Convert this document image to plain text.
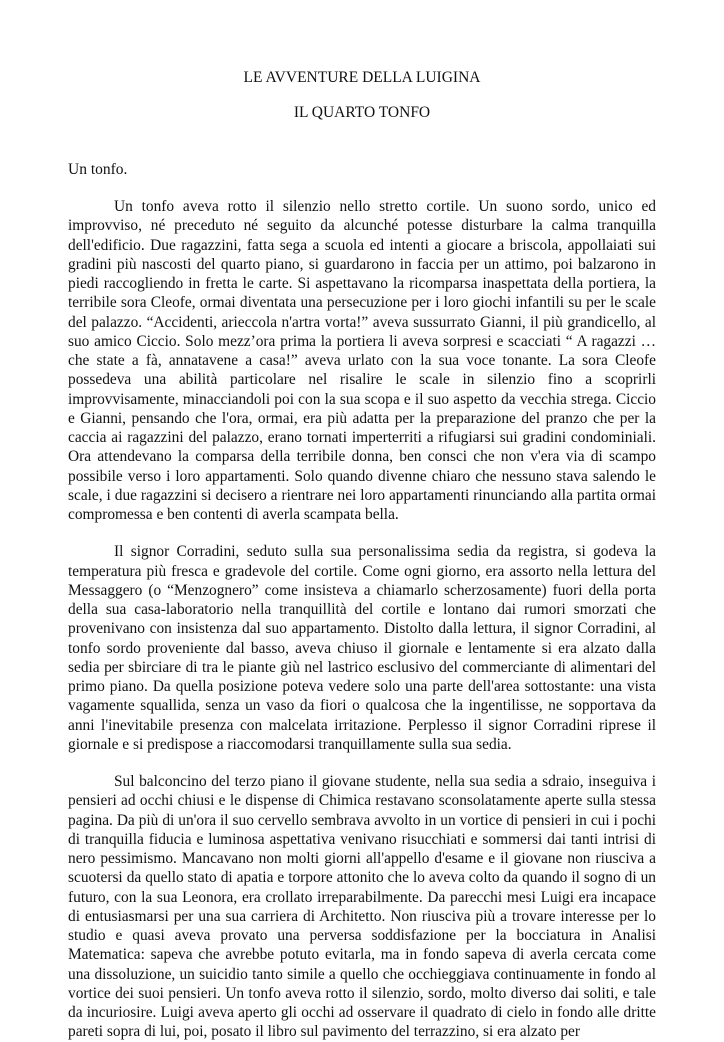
LE AVVENTURE DELLA LUIGINA

IL QUARTO TONFO

Un tonfo.

Un tonfo aveva rotto il silenzio nello stretto cortile. Un suono sordo, unico ed improvviso, né preceduto né seguito da alcunché potesse disturbare la calma tranquilla dell'edificio. Due ragazzini, fatta sega a scuola ed intenti a giocare a briscola, appollaiati sui gradini più nascosti del quarto piano, si guardarono in faccia per un attimo, poi balzarono in piedi raccogliendo in fretta le carte. Si aspettavano la ricomparsa inaspettata della portiera, la terribile sora Cleofe, ormai diventata una persecuzione per i loro giochi infantili su per le scale del palazzo. “Accidenti, arieccola n'artra vorta!” aveva sussurrato Gianni, il più grandicello, al suo amico Ciccio. Solo mezz’ora prima la portiera li aveva sorpresi e scacciati “ A ragazzi … che state a fà, annatavene a casa!” aveva urlato con la sua voce tonante. La sora Cleofe possedeva una abilità particolare nel risalire le scale in silenzio fino a scoprirli improvvisamente, minacciandoli poi con la sua scopa e il suo aspetto da vecchia strega. Ciccio e Gianni, pensando che l'ora, ormai, era più adatta per la preparazione del pranzo che per la caccia ai ragazzini del palazzo, erano tornati imperterriti a rifugiarsi sui gradini condominiali. Ora attendevano la comparsa della terribile donna, ben consci che non v'era via di scampo possibile verso i loro appartamenti. Solo quando divenne chiaro che nessuno stava salendo le scale, i due ragazzini si decisero a rientrare nei loro appartamenti rinunciando alla partita ormai compromessa e ben contenti di averla scampata bella.

Il signor Corradini, seduto sulla sua personalissima sedia da registra, si godeva la temperatura più fresca e gradevole del cortile. Come ogni giorno, era assorto nella lettura del Messaggero (o “Menzognero” come insisteva a chiamarlo scherzosamente) fuori della porta della sua casa-laboratorio nella tranquillità del cortile e lontano dai rumori smorzati che provenivano con insistenza dal suo appartamento. Distolto dalla lettura, il signor Corradini, al tonfo sordo proveniente dal basso, aveva chiuso il giornale e lentamente si era alzato dalla sedia per sbirciare di tra le piante giù nel lastrico esclusivo del commerciante di alimentari del primo piano. Da quella posizione poteva vedere solo una parte dell'area sottostante: una vista vagamente squallida, senza un vaso da fiori o qualcosa che la ingentilisse, ne sopportava da anni l'inevitabile presenza con malcelata irritazione. Perplesso il signor Corradini riprese il giornale e si predispose a riaccomodarsi tranquillamente sulla sua sedia.

Sul balconcino del terzo piano il giovane studente, nella sua sedia a sdraio, inseguiva i pensieri ad occhi chiusi e le dispense di Chimica restavano sconsolatamente aperte sulla stessa pagina. Da più di un'ora il suo cervello sembrava avvolto in un vortice di pensieri in cui i pochi di tranquilla fiducia e luminosa aspettativa venivano risucchiati e sommersi dai tanti intrisi di nero pessimismo. Mancavano non molti giorni all'appello d'esame e il giovane non riusciva a scuotersi da quello stato di apatia e torpore attonito che lo aveva colto da quando il sogno di un futuro, con la sua Leonora, era crollato irreparabilmente. Da parecchi mesi Luigi era incapace di entusiasmarsi per una sua carriera di Architetto. Non riusciva più a trovare interesse per lo studio e quasi aveva provato una perversa soddisfazione per la bocciatura in Analisi Matematica: sapeva che avrebbe potuto evitarla, ma in fondo sapeva di averla cercata come una dissoluzione, un suicidio tanto simile a quello che occhieggiava continuamente in fondo al vortice dei suoi pensieri. Un tonfo aveva rotto il silenzio, sordo, molto diverso dai soliti, e tale da incuriosire. Luigi aveva aperto gli occhi ad osservare il quadrato di cielo in fondo alle dritte pareti sopra di lui, poi, posato il libro sul pavimento del terrazzino, si era alzato per
